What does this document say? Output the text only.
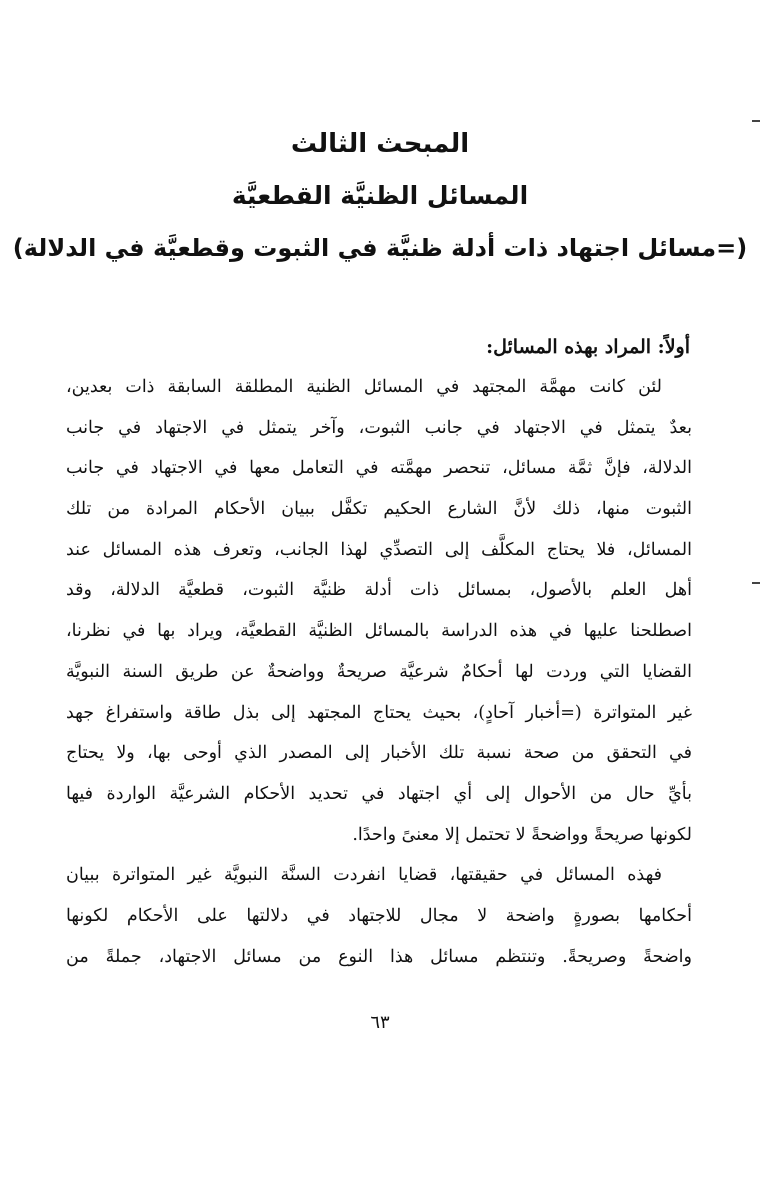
المبحث الثالث
المسائل الظنيَّة القطعيَّة
(=مسائل اجتهاد ذات أدلة ظنيَّة في الثبوت وقطعيَّة في الدلالة)
أولاً: المراد بهذه المسائل:
لئن كانت مهمَّة المجتهد في المسائل الظنية المطلقة السابقة ذات بعدين،
بعدٌ يتمثل في الاجتهاد في جانب الثبوت، وآخر يتمثل في الاجتهاد في جانب
الدلالة، فإنَّ ثمَّة مسائل، تنحصر مهمَّته في التعامل معها في الاجتهاد في جانب
الثبوت منها، ذلك لأنَّ الشارع الحكيم تكفَّل ببيان الأحكام المرادة من تلك
المسائل، فلا يحتاج المكلَّف إلى التصدِّي لهذا الجانب، وتعرف هذه المسائل عند
أهل العلم بالأصول، بمسائل ذات أدلة ظنيَّة الثبوت، قطعيَّة الدلالة، وقد
اصطلحنا عليها في هذه الدراسة بالمسائل الظنيَّة القطعيَّة، ويراد بها في نظرنا،
القضايا التي وردت لها أحكامٌ شرعيَّة صريحةٌ وواضحةٌ عن طريق السنة النبويَّة
غير المتواترة (=أخبار آحادٍ)، بحيث يحتاج المجتهد إلى بذل طاقة واستفراغ جهد
في التحقق من صحة نسبة تلك الأخبار إلى المصدر الذي أوحى بها، ولا يحتاج
بأيِّ حال من الأحوال إلى أي اجتهاد في تحديد الأحكام الشرعيَّة الواردة فيها
لكونها صريحةً وواضحةً لا تحتمل إلا معنىً واحدًا.
فهذه المسائل في حقيقتها، قضايا انفردت السنَّة النبويَّة غير المتواترة ببيان
أحكامها بصورةٍ واضحة لا مجال للاجتهاد في دلالتها على الأحكام لكونها
واضحةً وصريحةً. وتنتظم مسائل هذا النوع من مسائل الاجتهاد، جملةً من
٦٣
